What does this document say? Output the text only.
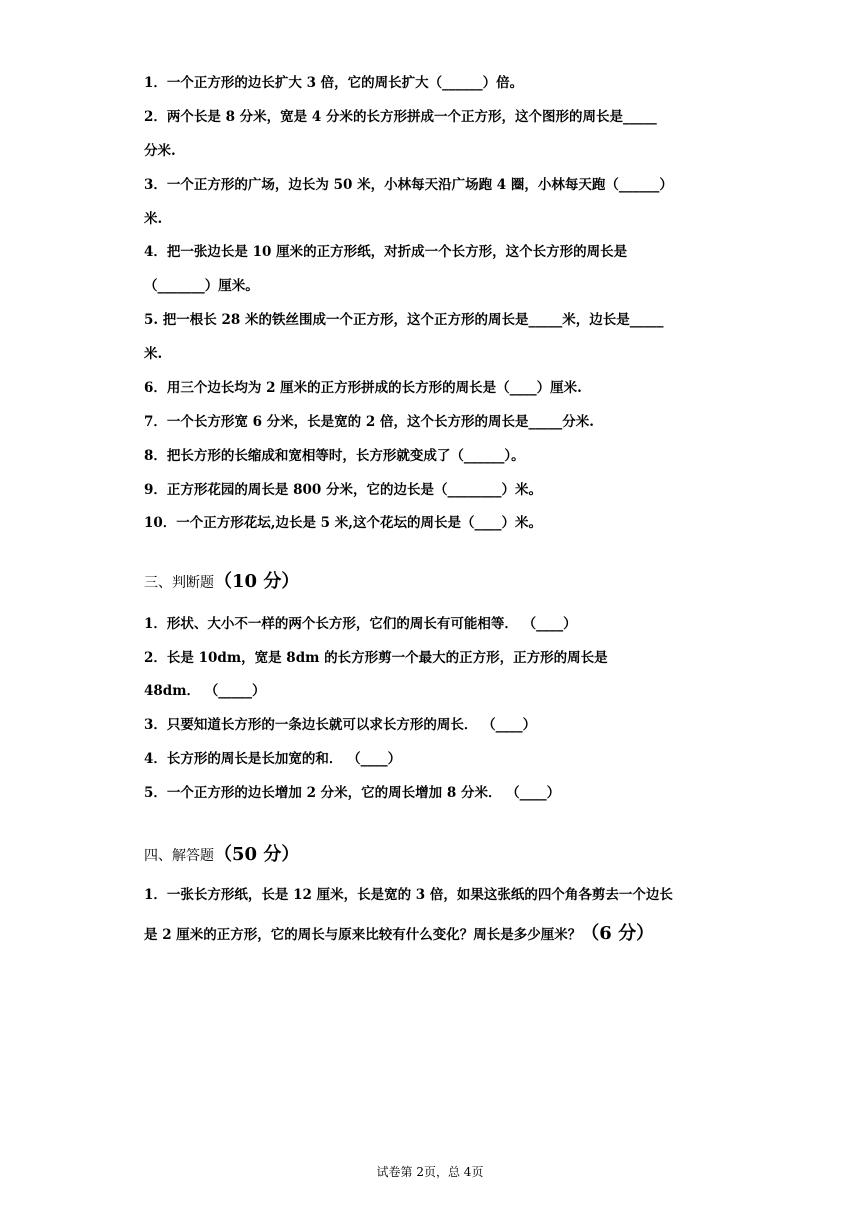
1．一个正方形的边长扩大 3 倍，它的周长扩大（______）倍。
2．两个长是 8 分米，宽是 4 分米的长方形拼成一个正方形，这个图形的周长是_____
分米.
3．一个正方形的广场，边长为 50 米，小林每天沿广场跑 4 圈，小林每天跑（______）
米.
4．把一张边长是 10 厘米的正方形纸，对折成一个长方形，这个长方形的周长是
（_______）厘米。
5. 把一根长 28 米的铁丝围成一个正方形，这个正方形的周长是_____米，边长是_____
米.
6．用三个边长均为 2 厘米的正方形拼成的长方形的周长是（____）厘米.
7．一个长方形宽 6 分米，长是宽的 2 倍，这个长方形的周长是_____分米.
8．把长方形的长缩成和宽相等时，长方形就变成了（______）。
9．正方形花园的周长是 800 分米，它的边长是（________）米。
10．一个正方形花坛,边长是 5 米,这个花坛的周长是（____）米。
三、判断题（10 分）
1．形状、大小不一样的两个长方形，它们的周长有可能相等． （____）
2．长是 10dm，宽是 8dm 的长方形剪一个最大的正方形，正方形的周长是
48dm． （_____）
3．只要知道长方形的一条边长就可以求长方形的周长． （____）
4．长方形的周长是长加宽的和． （____）
5．一个正方形的边长增加 2 分米，它的周长增加 8 分米． （____）
四、解答题（50 分）
1．一张长方形纸，长是 12 厘米，长是宽的 3 倍，如果这张纸的四个角各剪去一个边长
是 2 厘米的正方形，它的周长与原来比较有什么变化？周长是多少厘米？（6 分）
试卷第 2页，总 4页
